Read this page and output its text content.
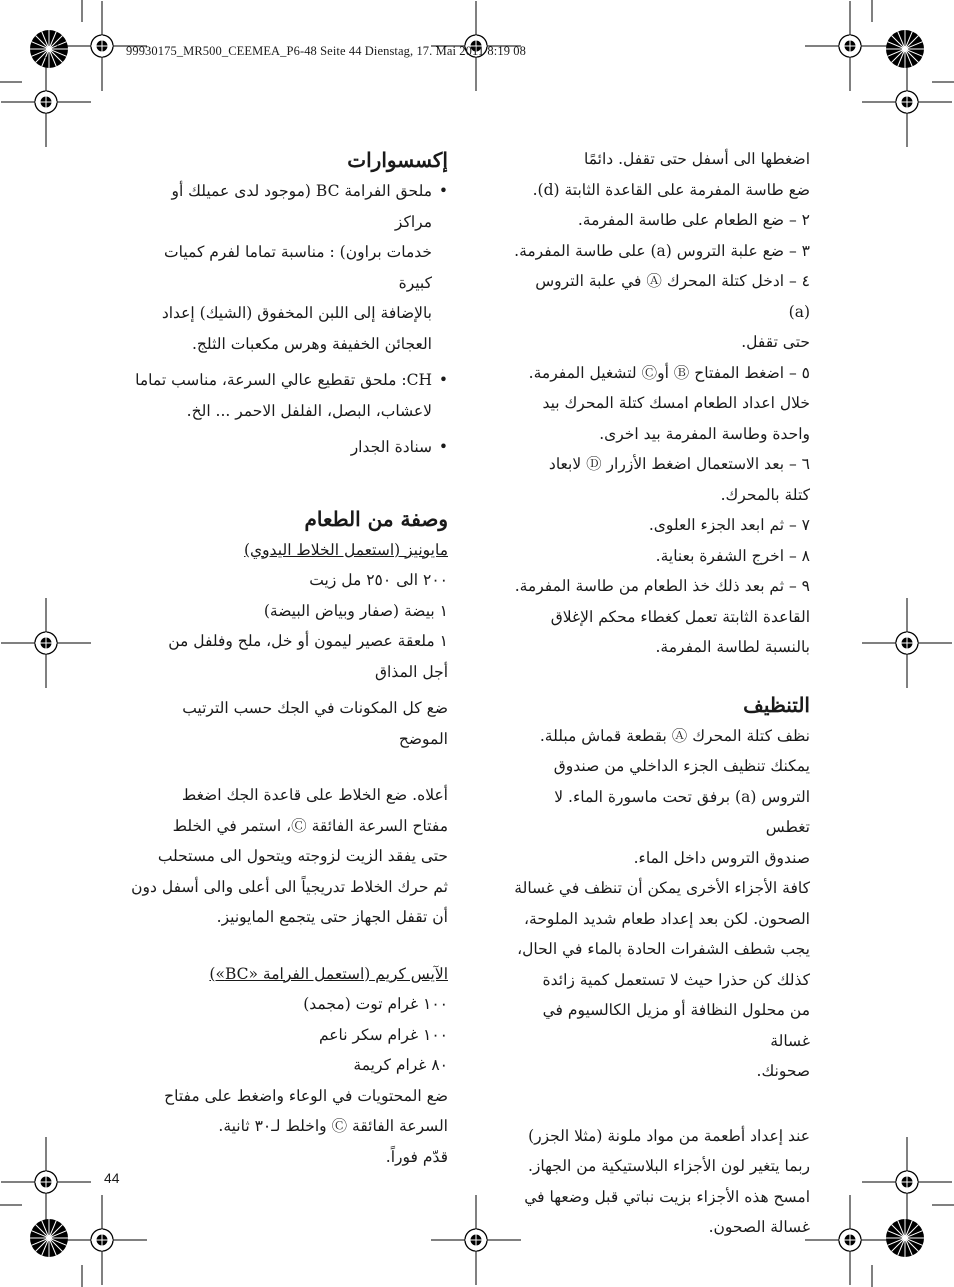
99930175_MR500_CEEMEA_P6-48 Seite 44 Dienstag, 17. Mai 2011 8:19 08

اضغطها الى أسفل حتى تقفل. دائمًا

ضع طاسة المفرمة على القاعدة الثابتة (d).

٢ – ضع الطعام على طاسة المفرمة.

٣ – ضع علبة التروس (a) على طاسة المفرمة.

٤ – ادخل كتلة المحرك Ⓐ في علبة التروس (a)

حتى تقفل.

٥ – اضغط المفتاح Ⓑ أوⒸ لتشغيل المفرمة.

خلال اعداد الطعام امسك كتلة المحرك بيد

واحدة وطاسة المفرمة بيد اخرى.

٦ – بعد الاستعمال اضغط الأزرار Ⓓ لابعاد

كتلة بالمحرك.

٧ – ثم ابعد الجزء العلوى.

٨ – اخرج الشفرة بعناية.

٩ – ثم بعد ذلك خذ الطعام من طاسة المفرمة.

القاعدة الثابتة تعمل كغطاء محكم الإغلاق

بالنسبة لطاسة المفرمة.

التنظيف

نظف كتلة المحرك Ⓐ بقطعة قماش مبللة.

يمكنك تنظيف الجزء الداخلي من صندوق

التروس (a) برفق تحت ماسورة الماء. لا تغطس

صندوق التروس داخل الماء.

كافة الأجزاء الأخرى يمكن أن تنظف في غسالة

الصحون. لكن بعد إعداد طعام شديد الملوحة،

يجب شطف الشفرات الحادة بالماء في الحال،

كذلك كن حذرا حيث لا تستعمل كمية زائدة

من محلول النظافة أو مزيل الكالسيوم في غسالة

صحونك.

عند إعداد أطعمة من مواد ملونة (مثلا الجزر)

ربما يتغير لون الأجزاء البلاستيكية من الجهاز.

امسح هذه الأجزاء بزيت نباتي قبل وضعها في

غسالة الصحون.

إكسسوارات

• ملحق الفرامة BC (موجود لدى عميلك أو مراكز

خدمات براون) : مناسبة تماما لفرم كميات كبيرة

بالإضافة إلى اللبن المخفوق (الشيك) إعداد

العجائن الخفيفة وهرس مكعبات الثلج.

• CH: ملحق تقطيع عالي السرعة، مناسب تماما

لاعشاب، البصل، الفلفل الاحمر ... الخ.

• سنادة الجدار

وصفة من الطعام

مايونيز (استعمل الخلاط اليدوي)

٢٠٠ الى ٢٥٠ مل زيت

١ بيضة (صفار وبياض البيضة)

١ ملعقة عصير ليمون أو خل، ملح وفلفل من

أجل المذاق

ضع كل المكونات في الجك حسب الترتيب الموضح

أعلاه. ضع الخلاط على قاعدة الجك اضغط

مفتاح السرعة الفائقة Ⓒ، استمر في الخلط

حتى يفقد الزيت لزوجته ويتحول الى مستحلب

ثم حرك الخلاط تدريجياً الى أعلى والى أسفل دون

أن تقفل الجهاز حتى يتجمع المايونيز.

الآيس كريم (استعمل الفرامة «BC»)

١٠٠ غرام توت (مجمد)

١٠٠ غرام سكر ناعم

٨٠ غرام كريمة

ضع المحتويات في الوعاء واضغط على مفتاح

السرعة الفائقة Ⓒ واخلط لـ٣٠ ثانية.

قدّم فوراً.

44
